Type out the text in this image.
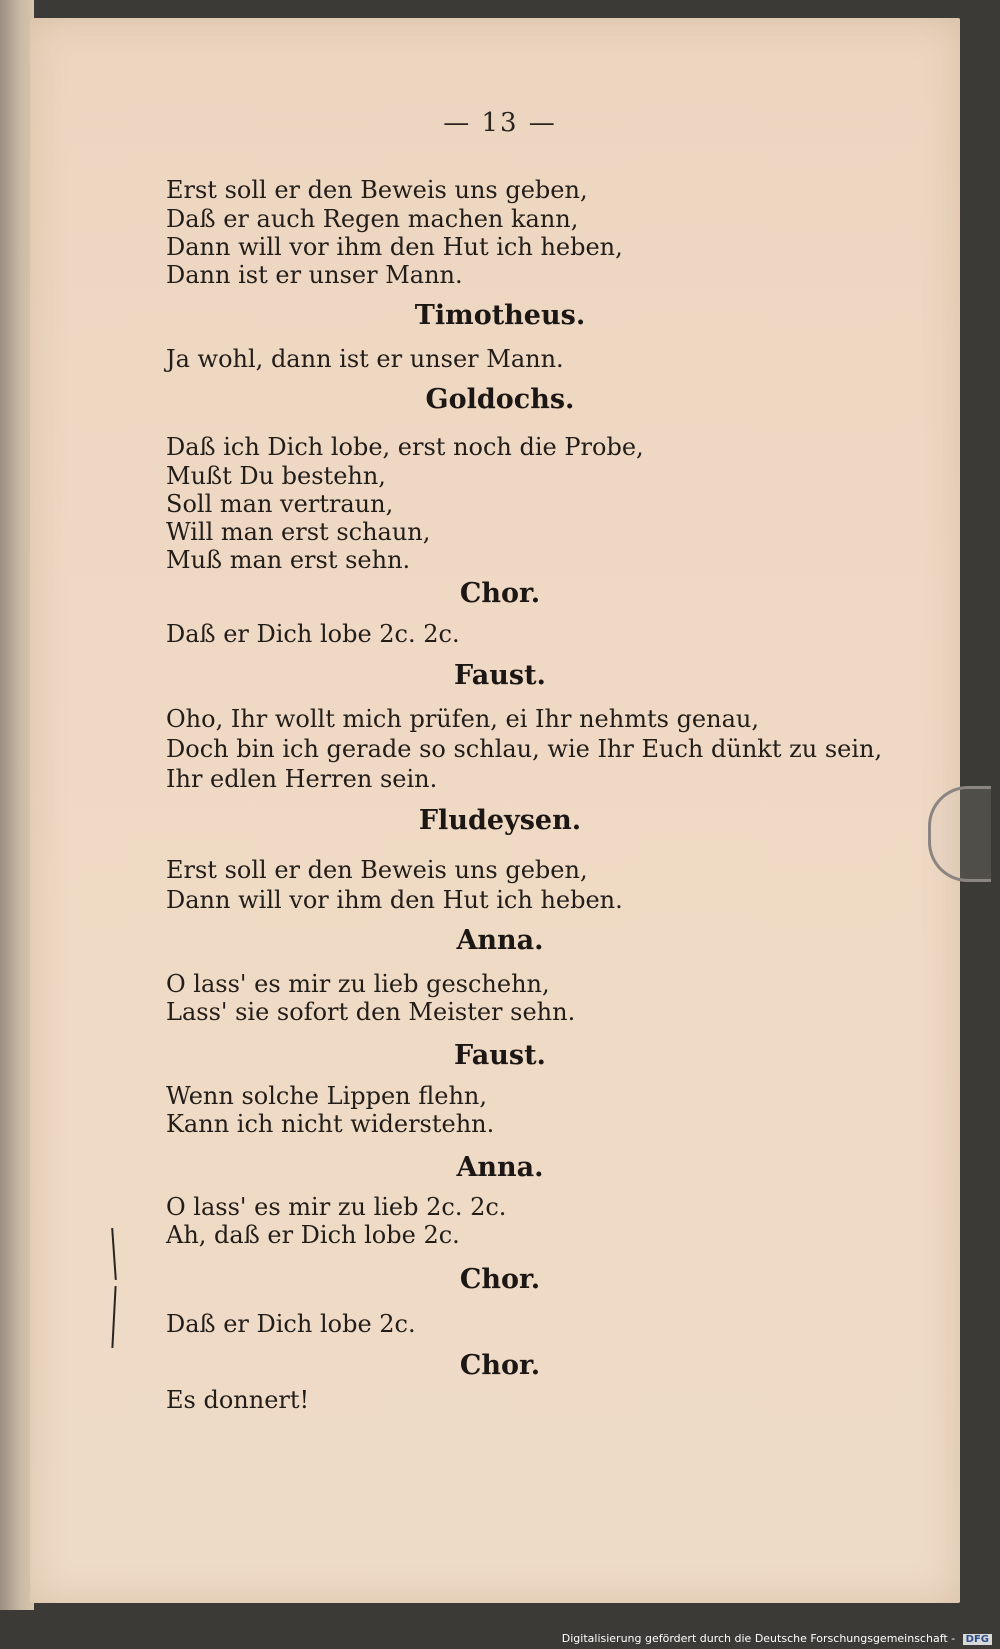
— 13 —
Erst soll er den Beweis uns geben,
Daß er auch Regen machen kann,
Dann will vor ihm den Hut ich heben,
Dann ist er unser Mann.
Timotheus.
Ja wohl, dann ist er unser Mann.
Goldochs.
Daß ich Dich lobe, erst noch die Probe,
Mußt Du bestehn,
Soll man vertraun,
Will man erst schaun,
Muß man erst sehn.
Chor.
Daß er Dich lobe 2c. 2c.
Faust.
Oho, Ihr wollt mich prüfen, ei Ihr nehmts genau,
Doch bin ich gerade so schlau, wie Ihr Euch dünkt zu sein,
Ihr edlen Herren sein.
Fludeysen.
Erst soll er den Beweis uns geben,
Dann will vor ihm den Hut ich heben.
Anna.
O lass' es mir zu lieb geschehn,
Lass' sie sofort den Meister sehn.
Faust.
Wenn solche Lippen flehn,
Kann ich nicht widerstehn.
Anna.
O lass' es mir zu lieb 2c. 2c.
Ah, daß er Dich lobe 2c.
Chor.
Daß er Dich lobe 2c.
Chor.
Es donnert!
Digitalisierung gefördert durch die Deutsche Forschungsgemeinschaft - DFG
